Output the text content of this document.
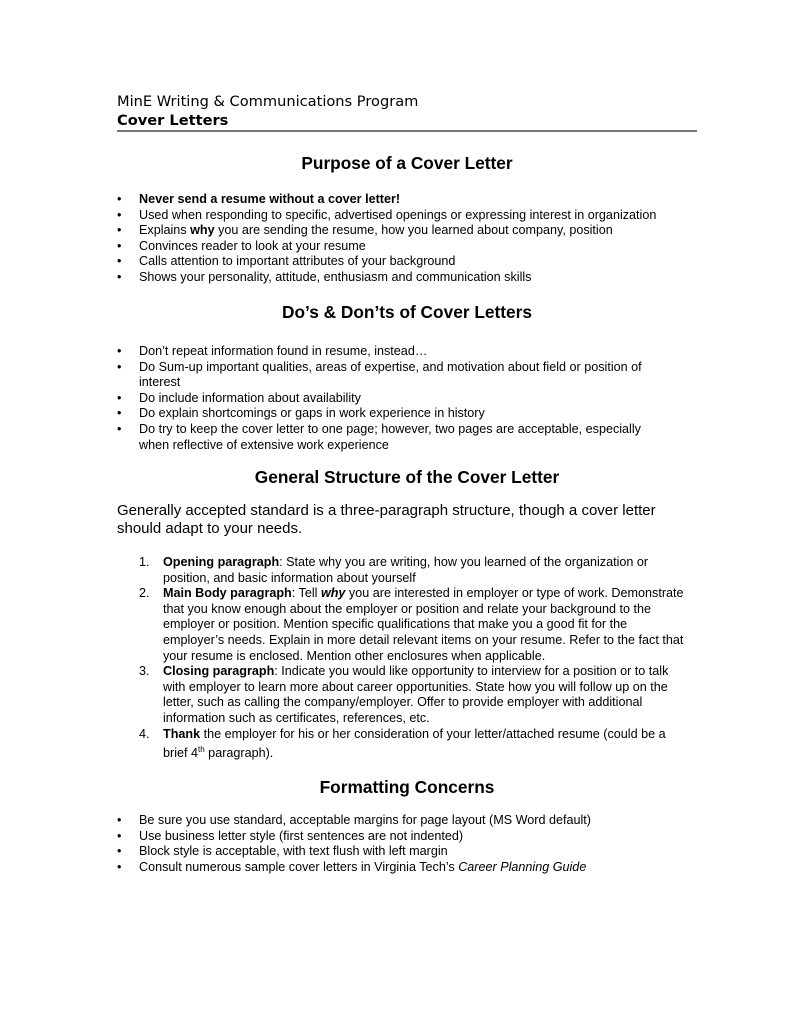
MinE Writing & Communications Program
Cover Letters
Purpose of a Cover Letter
• Never send a resume without a cover letter!
• Used when responding to specific, advertised openings or expressing interest in organization
• Explains why you are sending the resume, how you learned about company, position
• Convinces reader to look at your resume
• Calls attention to important attributes of your background
• Shows your personality, attitude, enthusiasm and communication skills
Do’s & Don’ts of Cover Letters
• Don’t repeat information found in resume, instead…
• Do Sum-up important qualities, areas of expertise, and motivation about field or position of interest
• Do include information about availability
• Do explain shortcomings or gaps in work experience in history
• Do try to keep the cover letter to one page; however, two pages are acceptable, especially when reflective of extensive work experience
General Structure of the Cover Letter
Generally accepted standard is a three-paragraph structure, though a cover letter should adapt to your needs.
1. Opening paragraph: State why you are writing, how you learned of the organization or position, and basic information about yourself
2. Main Body paragraph: Tell why you are interested in employer or type of work. Demonstrate that you know enough about the employer or position and relate your background to the employer or position. Mention specific qualifications that make you a good fit for the employer’s needs. Explain in more detail relevant items on your resume. Refer to the fact that your resume is enclosed. Mention other enclosures when applicable.
3. Closing paragraph: Indicate you would like opportunity to interview for a position or to talk with employer to learn more about career opportunities. State how you will follow up on the letter, such as calling the company/employer. Offer to provide employer with additional information such as certificates, references, etc.
4. Thank the employer for his or her consideration of your letter/attached resume (could be a brief 4th paragraph).
Formatting Concerns
• Be sure you use standard, acceptable margins for page layout (MS Word default)
• Use business letter style (first sentences are not indented)
• Block style is acceptable, with text flush with left margin
• Consult numerous sample cover letters in Virginia Tech’s Career Planning Guide
